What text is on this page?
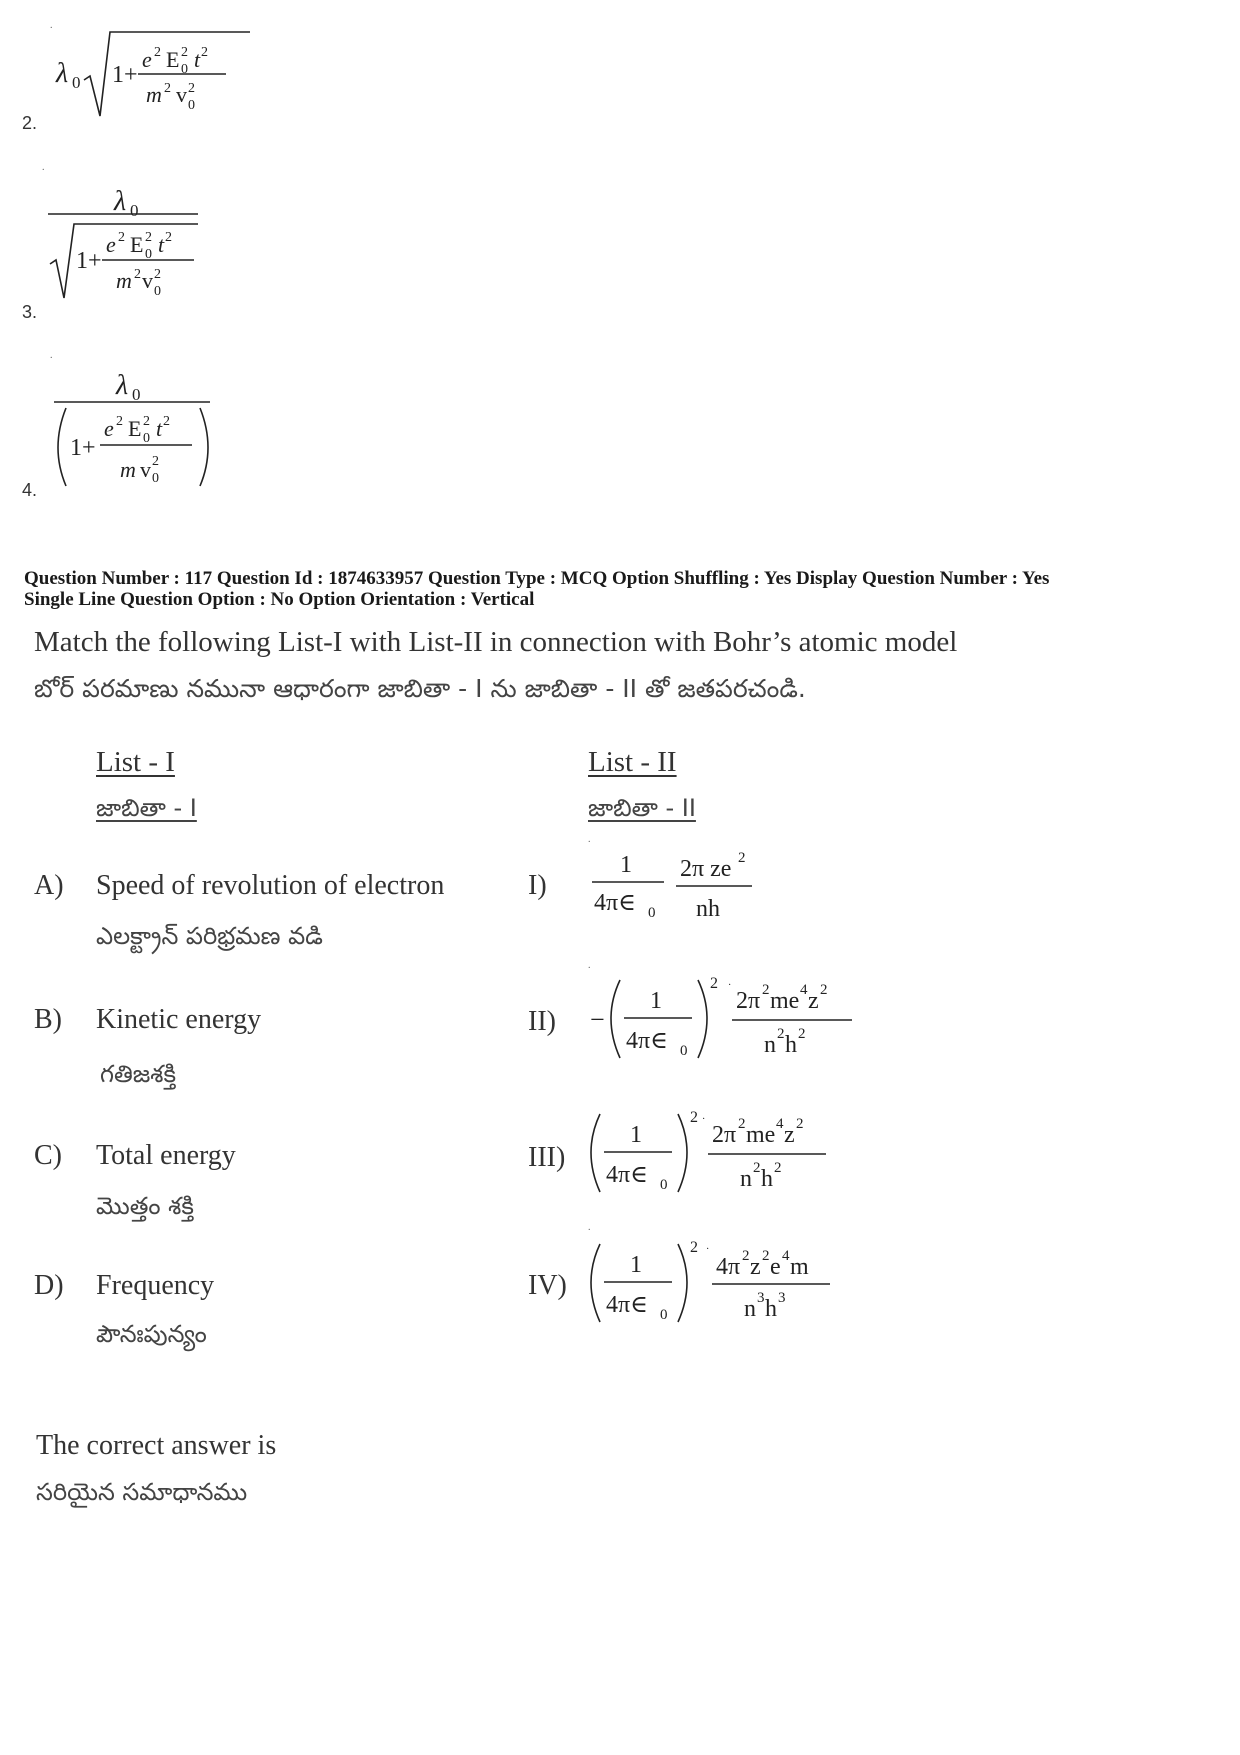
.
λ 0 1+
e 2 E 2
0 t 2
m 2 v 2
0
2.
.
λ 0
1+
e 2 E 2
0 t 2
m 2 v 2
0
3.
.
λ 0
1+
e 2 E 2
0 t 2
m v 2
0
4.
Question Number : 117 Question Id : 1874633957 Question Type : MCQ Option Shuffling : Yes Display Question Number : Yes
Single Line Question Option : No Option Orientation : Vertical
Match the following List-I with List-II in connection with Bohr’s atomic model
బోర్ పరమాణు నమునా ఆధారంగా జాబితా - I ను జాబితా - II తో జతపరచండి.
List - I
జాబితా - I
List - II
జాబితా - II
A) Speed of revolution of electron
ఎలక్ట్రాన్ పరిభ్రమణ వడి
B) Kinetic energy
గతిజశక్తి
C) Total energy
మొత్తం శక్తి
D) Frequency
పౌనఃపున్యం
I)
.
1
4π∈ 0
2π ze 2
nh
II)
.
−
1
4π∈ 0
2 ·
2π 2 me 4 z 2
n 2 h 2
III)
1
4π∈ 0
2 ·
2π 2 me 4 z 2
n 2 h 2
IV)
.
1
4π∈ 0
2 ·
4π 2 z 2 e 4 m
n 3 h 3
The correct answer is
సరియైన సమాధానము
